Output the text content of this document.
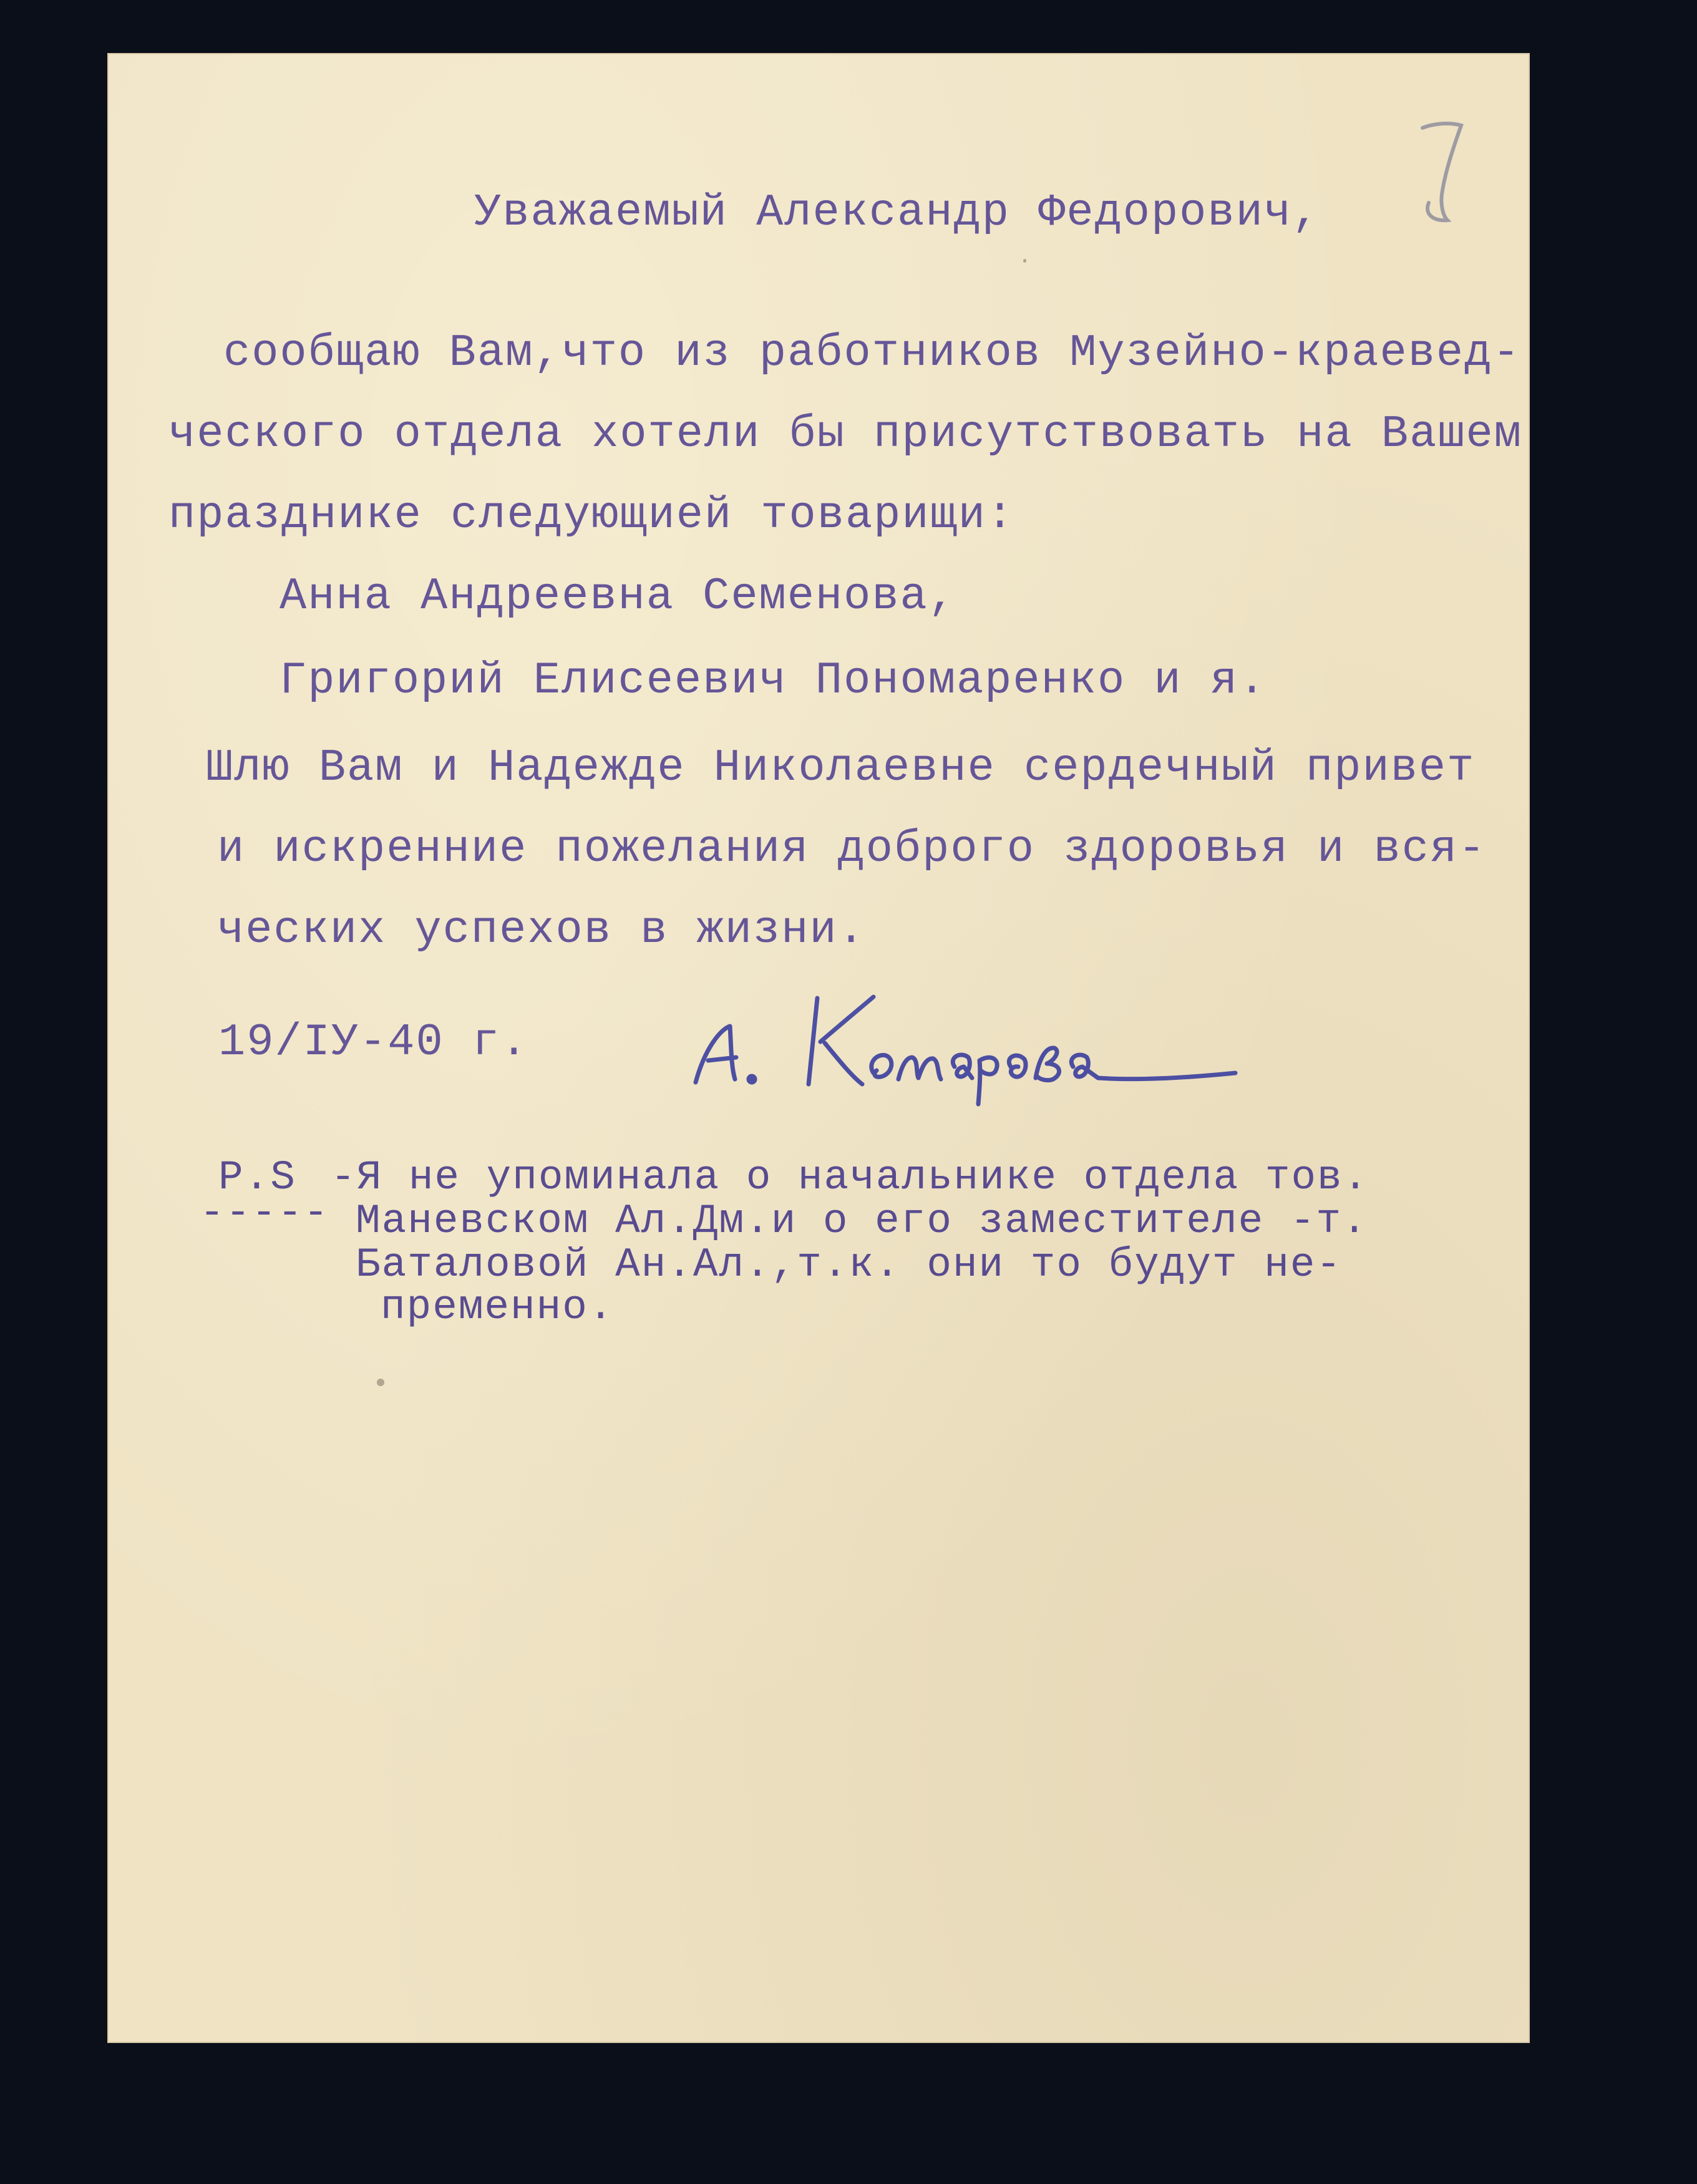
Уважаемый Александр Федорович,
сообщаю Вам,что из работников Музейно-краевед-
ческого отдела хотели бы присутствовать на Вашем
празднике следующией товарищи:
Анна Андреевна Семенова,
Григорий Елисеевич Пономаренко и я.
Шлю Вам и Надежде Николаевне сердечный привет
и искренние пожелания доброго здоровья и вся-
ческих успехов в жизни.
19/IУ-40 г.
P.S
-----
-Я не упоминала о начальнике отдела тов.
Маневском Ал.Дм.и о его заместителе -т.
Баталовой Ан.Ал.,т.к. они то будут не-
пременно.
